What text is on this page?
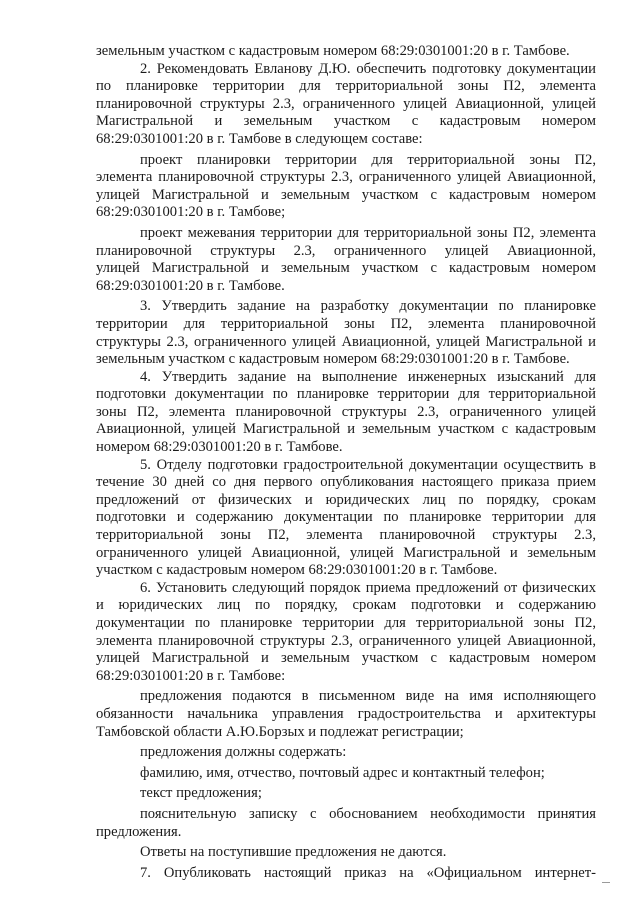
земельным участком с кадастровым номером 68:29:0301001:20 в г. Тамбове.
2. Рекомендовать Евланову Д.Ю. обеспечить подготовку документации
по планировке территории для территориальной зоны П2, элемента
планировочной структуры 2.3, ограниченного улицей Авиационной, улицей
Магистральной и земельным участком с кадастровым номером
68:29:0301001:20 в г. Тамбове в следующем составе:
проект планировки территории для территориальной зоны П2,
элемента планировочной структуры 2.3, ограниченного улицей Авиационной,
улицей Магистральной и земельным участком с кадастровым номером
68:29:0301001:20 в г. Тамбове;
проект межевания территории для территориальной зоны П2, элемента
планировочной структуры 2.3, ограниченного улицей Авиационной,
улицей Магистральной и земельным участком с кадастровым номером
68:29:0301001:20 в г. Тамбове.
3. Утвердить задание на разработку документации по планировке
территории для территориальной зоны П2, элемента планировочной
структуры 2.3, ограниченного улицей Авиационной, улицей Магистральной и
земельным участком с кадастровым номером 68:29:0301001:20 в г. Тамбове.
4. Утвердить задание на выполнение инженерных изысканий для
подготовки документации по планировке территории для территориальной
зоны П2, элемента планировочной структуры 2.3, ограниченного улицей
Авиационной, улицей Магистральной и земельным участком с кадастровым
номером 68:29:0301001:20 в г. Тамбове.
5. Отделу подготовки градостроительной документации осуществить в
течение 30 дней со дня первого опубликования настоящего приказа прием
предложений от физических и юридических лиц по порядку, срокам
подготовки и содержанию документации по планировке территории для
территориальной зоны П2, элемента планировочной структуры 2.3,
ограниченного улицей Авиационной, улицей Магистральной и земельным
участком с кадастровым номером 68:29:0301001:20 в г. Тамбове.
6. Установить следующий порядок приема предложений от физических
и юридических лиц по порядку, срокам подготовки и содержанию
документации по планировке территории для территориальной зоны П2,
элемента планировочной структуры 2.3, ограниченного улицей Авиационной,
улицей Магистральной и земельным участком с кадастровым номером
68:29:0301001:20 в г. Тамбове:
предложения подаются в письменном виде на имя исполняющего
обязанности начальника управления градостроительства и архитектуры
Тамбовской области А.Ю.Борзых и подлежат регистрации;
предложения должны содержать:
фамилию, имя, отчество, почтовый адрес и контактный телефон;
текст предложения;
пояснительную записку с обоснованием необходимости принятия
предложения.
Ответы на поступившие предложения не даются.
7. Опубликовать настоящий приказ на «Официальном интернет-
